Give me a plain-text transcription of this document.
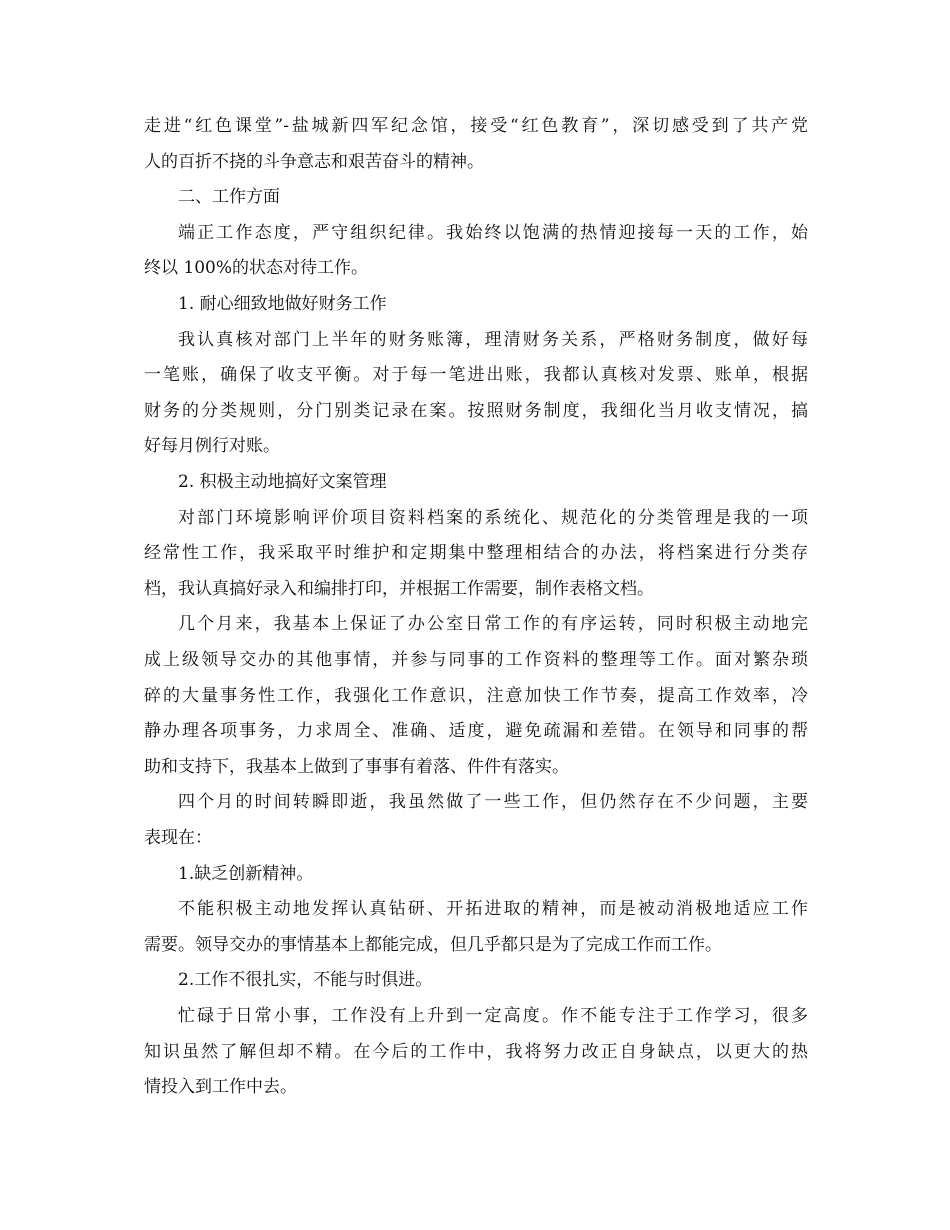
走进“红色课堂”-盐城新四军纪念馆，接受“红色教育”，深切感受到了共产党
人的百折不挠的斗争意志和艰苦奋斗的精神。
二、工作方面
端正工作态度，严守组织纪律。我始终以饱满的热情迎接每一天的工作，始
终以 100%的状态对待工作。
1. 耐心细致地做好财务工作
我认真核对部门上半年的财务账簿，理清财务关系，严格财务制度，做好每
一笔账，确保了收支平衡。对于每一笔进出账，我都认真核对发票、账单，根据
财务的分类规则，分门别类记录在案。按照财务制度，我细化当月收支情况，搞
好每月例行对账。
2. 积极主动地搞好文案管理
对部门环境影响评价项目资料档案的系统化、规范化的分类管理是我的一项
经常性工作，我采取平时维护和定期集中整理相结合的办法，将档案进行分类存
档，我认真搞好录入和编排打印，并根据工作需要，制作表格文档。
几个月来，我基本上保证了办公室日常工作的有序运转，同时积极主动地完
成上级领导交办的其他事情，并参与同事的工作资料的整理等工作。面对繁杂琐
碎的大量事务性工作，我强化工作意识，注意加快工作节奏，提高工作效率，冷
静办理各项事务，力求周全、准确、适度，避免疏漏和差错。在领导和同事的帮
助和支持下，我基本上做到了事事有着落、件件有落实。
四个月的时间转瞬即逝，我虽然做了一些工作，但仍然存在不少问题，主要
表现在：
1.缺乏创新精神。
不能积极主动地发挥认真钻研、开拓进取的精神，而是被动消极地适应工作
需要。领导交办的事情基本上都能完成，但几乎都只是为了完成工作而工作。
2.工作不很扎实，不能与时俱进。
忙碌于日常小事，工作没有上升到一定高度。作不能专注于工作学习，很多
知识虽然了解但却不精。在今后的工作中，我将努力改正自身缺点，以更大的热
情投入到工作中去。
